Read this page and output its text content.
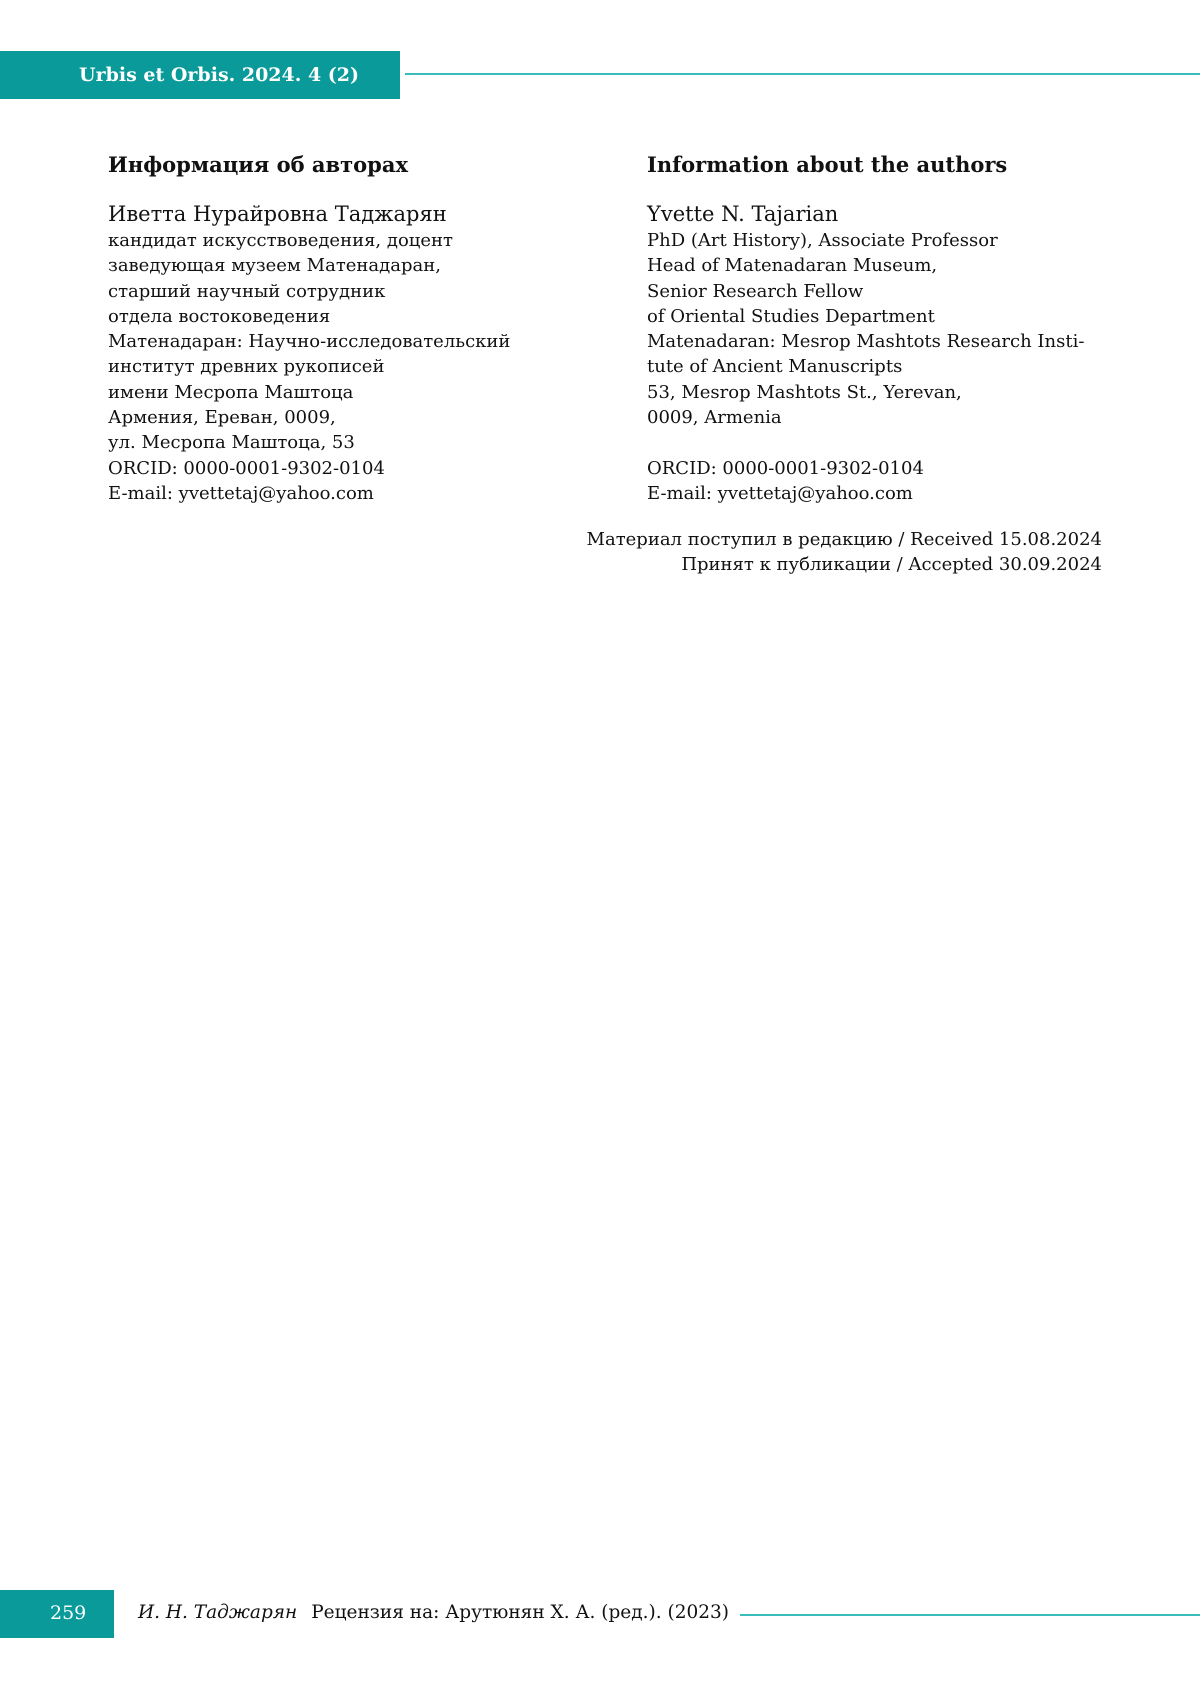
Urbis et Orbis. 2024. 4 (2)
Информация об авторах
Иветта Нурайровна Таджарян
кандидат искусствоведения, доцент
заведующая музеем Матенадаран,
старший научный сотрудник
отдела востоковедения
Матенадаран: Научно-исследовательский
институт древних рукописей
имени Месропа Маштоца
Армения, Ереван, 0009,
ул. Месропа Маштоца, 53
ORCID: 0000-0001-9302-0104
E-mail: yvettetaj@yahoo.com
Information about the authors
Yvette N. Tajarian
PhD (Art History), Associate Professor
Head of Matenadaran Museum,
Senior Research Fellow
of Oriental Studies Department
Matenadaran: Mesrop Mashtots Research Insti-
tute of Ancient Manuscripts
53, Mesrop Mashtots St., Yerevan,
0009, Armenia
ORCID: 0000-0001-9302-0104
E-mail: yvettetaj@yahoo.com
Материал поступил в редакцию / Received 15.08.2024
Принят к публикации / Accepted 30.09.2024
259	И. Н. Таджарян Рецензия на: Арутюнян Х. А. (ред.). (2023)
